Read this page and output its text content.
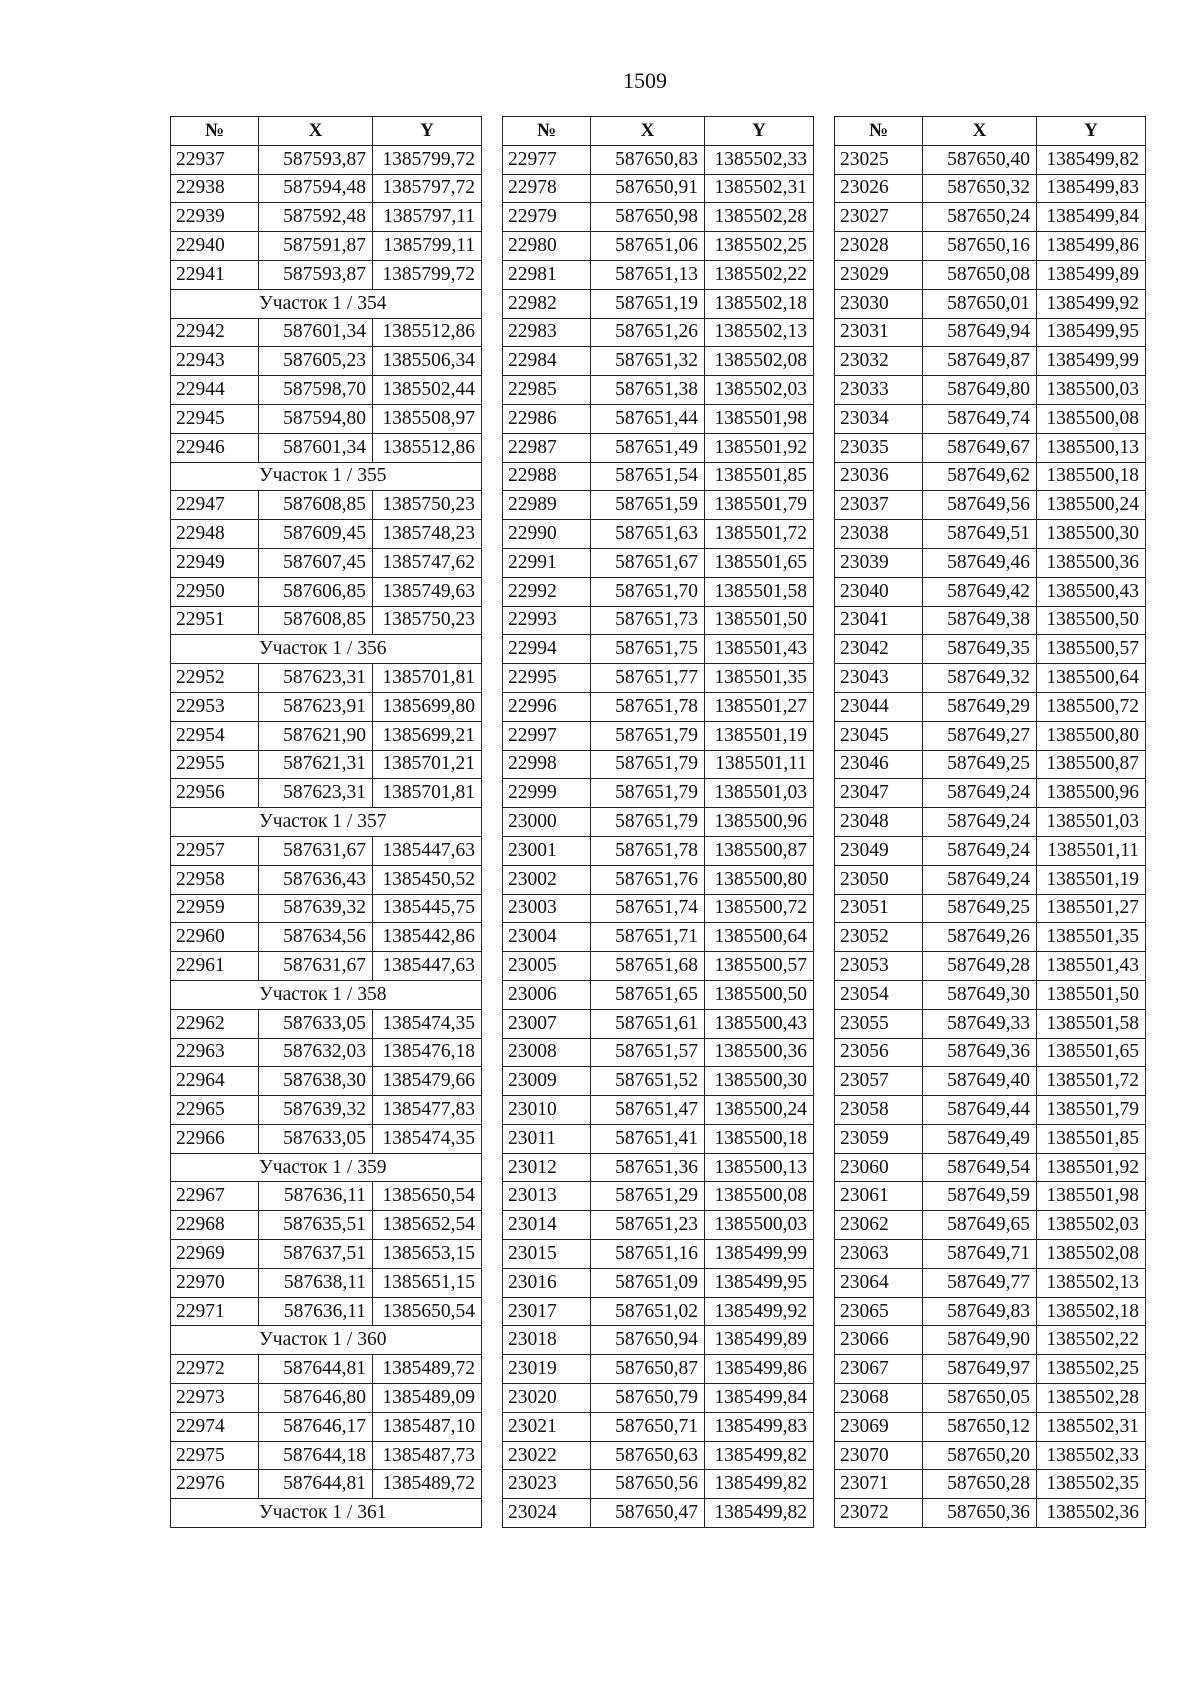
1509
№	X	Y
22937	587593,87	1385799,72
22938	587594,48	1385797,72
22939	587592,48	1385797,11
22940	587591,87	1385799,11
22941	587593,87	1385799,72
Участок 1 / 354		
22942	587601,34	1385512,86
22943	587605,23	1385506,34
22944	587598,70	1385502,44
22945	587594,80	1385508,97
22946	587601,34	1385512,86
Участок 1 / 355		
22947	587608,85	1385750,23
22948	587609,45	1385748,23
22949	587607,45	1385747,62
22950	587606,85	1385749,63
22951	587608,85	1385750,23
Участок 1 / 356		
22952	587623,31	1385701,81
22953	587623,91	1385699,80
22954	587621,90	1385699,21
22955	587621,31	1385701,21
22956	587623,31	1385701,81
Участок 1 / 357		
22957	587631,67	1385447,63
22958	587636,43	1385450,52
22959	587639,32	1385445,75
22960	587634,56	1385442,86
22961	587631,67	1385447,63
Участок 1 / 358		
22962	587633,05	1385474,35
22963	587632,03	1385476,18
22964	587638,30	1385479,66
22965	587639,32	1385477,83
22966	587633,05	1385474,35
Участок 1 / 359		
22967	587636,11	1385650,54
22968	587635,51	1385652,54
22969	587637,51	1385653,15
22970	587638,11	1385651,15
22971	587636,11	1385650,54
Участок 1 / 360		
22972	587644,81	1385489,72
22973	587646,80	1385489,09
22974	587646,17	1385487,10
22975	587644,18	1385487,73
22976	587644,81	1385489,72
Участок 1 / 361		
№	X	Y
22977	587650,83	1385502,33
22978	587650,91	1385502,31
22979	587650,98	1385502,28
22980	587651,06	1385502,25
22981	587651,13	1385502,22
22982	587651,19	1385502,18
22983	587651,26	1385502,13
22984	587651,32	1385502,08
22985	587651,38	1385502,03
22986	587651,44	1385501,98
22987	587651,49	1385501,92
22988	587651,54	1385501,85
22989	587651,59	1385501,79
22990	587651,63	1385501,72
22991	587651,67	1385501,65
22992	587651,70	1385501,58
22993	587651,73	1385501,50
22994	587651,75	1385501,43
22995	587651,77	1385501,35
22996	587651,78	1385501,27
22997	587651,79	1385501,19
22998	587651,79	1385501,11
22999	587651,79	1385501,03
23000	587651,79	1385500,96
23001	587651,78	1385500,87
23002	587651,76	1385500,80
23003	587651,74	1385500,72
23004	587651,71	1385500,64
23005	587651,68	1385500,57
23006	587651,65	1385500,50
23007	587651,61	1385500,43
23008	587651,57	1385500,36
23009	587651,52	1385500,30
23010	587651,47	1385500,24
23011	587651,41	1385500,18
23012	587651,36	1385500,13
23013	587651,29	1385500,08
23014	587651,23	1385500,03
23015	587651,16	1385499,99
23016	587651,09	1385499,95
23017	587651,02	1385499,92
23018	587650,94	1385499,89
23019	587650,87	1385499,86
23020	587650,79	1385499,84
23021	587650,71	1385499,83
23022	587650,63	1385499,82
23023	587650,56	1385499,82
23024	587650,47	1385499,82
№	X	Y
23025	587650,40	1385499,82
23026	587650,32	1385499,83
23027	587650,24	1385499,84
23028	587650,16	1385499,86
23029	587650,08	1385499,89
23030	587650,01	1385499,92
23031	587649,94	1385499,95
23032	587649,87	1385499,99
23033	587649,80	1385500,03
23034	587649,74	1385500,08
23035	587649,67	1385500,13
23036	587649,62	1385500,18
23037	587649,56	1385500,24
23038	587649,51	1385500,30
23039	587649,46	1385500,36
23040	587649,42	1385500,43
23041	587649,38	1385500,50
23042	587649,35	1385500,57
23043	587649,32	1385500,64
23044	587649,29	1385500,72
23045	587649,27	1385500,80
23046	587649,25	1385500,87
23047	587649,24	1385500,96
23048	587649,24	1385501,03
23049	587649,24	1385501,11
23050	587649,24	1385501,19
23051	587649,25	1385501,27
23052	587649,26	1385501,35
23053	587649,28	1385501,43
23054	587649,30	1385501,50
23055	587649,33	1385501,58
23056	587649,36	1385501,65
23057	587649,40	1385501,72
23058	587649,44	1385501,79
23059	587649,49	1385501,85
23060	587649,54	1385501,92
23061	587649,59	1385501,98
23062	587649,65	1385502,03
23063	587649,71	1385502,08
23064	587649,77	1385502,13
23065	587649,83	1385502,18
23066	587649,90	1385502,22
23067	587649,97	1385502,25
23068	587650,05	1385502,28
23069	587650,12	1385502,31
23070	587650,20	1385502,33
23071	587650,28	1385502,35
23072	587650,36	1385502,36
